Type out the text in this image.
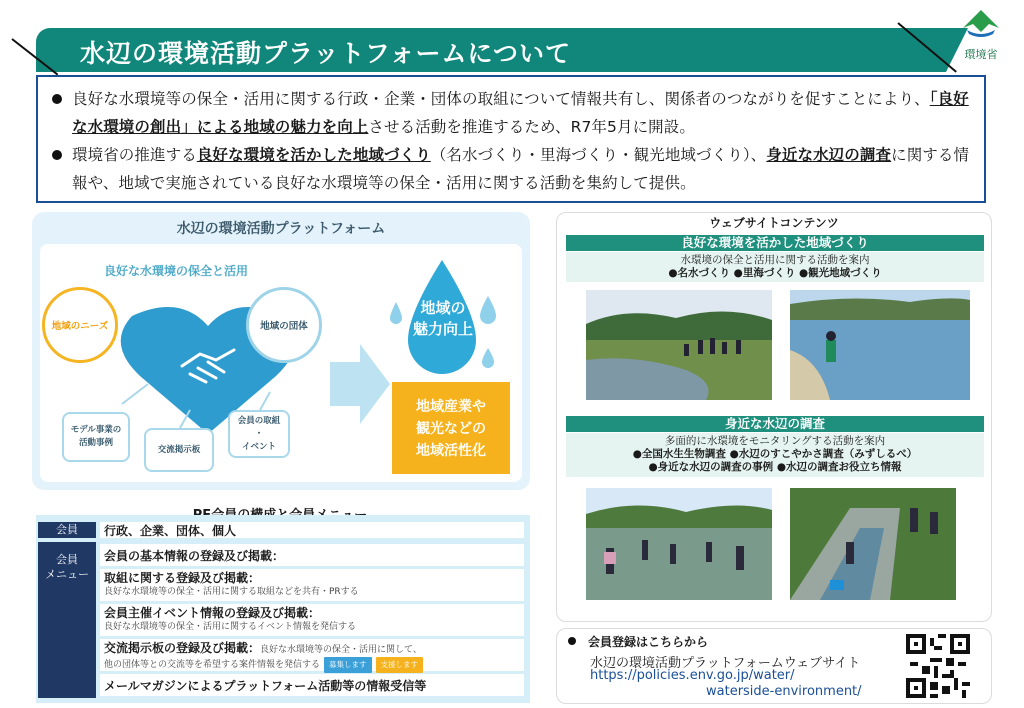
水辺の環境活動プラットフォームについて	環境省
良好な水環境等の保全・活用に関する行政・企業・団体の取組について情報共有し、関係者のつながりを促すことにより、「良好な水環境の創出」による地域の魅力を向上させる活動を推進するため、R7年5月に開設。
環境省の推進する良好な環境を活かした地域づくり（名水づくり・里海づくり・観光地域づくり）、身近な水辺の調査に関する情報や、地域で実施されている良好な水環境等の保全・活用に関する活動を集約して提供。
水辺の環境活動プラットフォーム
良好な水環境の保全と活用
地域のニーズ	地域の団体
モデル事業の
活動事例
交流掲示板
会員の取組
・
イベント
地域の
魅力向上
地域産業や
観光などの
地域活性化
会員	行政、企業、団体、個人
会員
メニュー
会員の基本情報の登録及び掲載：
取組に関する登録及び掲載：
良好な水環境等の保全・活用に関する取組などを共有・PRする
会員主催イベント情報の登録及び掲載：
良好な水環境等の保全・活用に関するイベント情報を発信する
交流掲示板の登録及び掲載：良好な水環境等の保全・活用に関して、
他の団体等との交流等を希望する案件情報を発信する 募集します 支援します
メールマガジンによるプラットフォーム活動等の情報受信等
ウェブサイトコンテンツ
良好な環境を活かした地域づくり
水環境の保全と活用に関する活動を案内
●名水づくり ●里海づくり ●観光地域づくり
身近な水辺の調査
多面的に水環境をモニタリングする活動を案内
●全国水生生物調査 ●水辺のすこやかさ調査（みずしるべ）
●身近な水辺の調査の事例 ●水辺の調査お役立ち情報
会員登録はこちらから
水辺の環境活動プラットフォームウェブサイト
https://policies.env.go.jp/water/
waterside-environment/
